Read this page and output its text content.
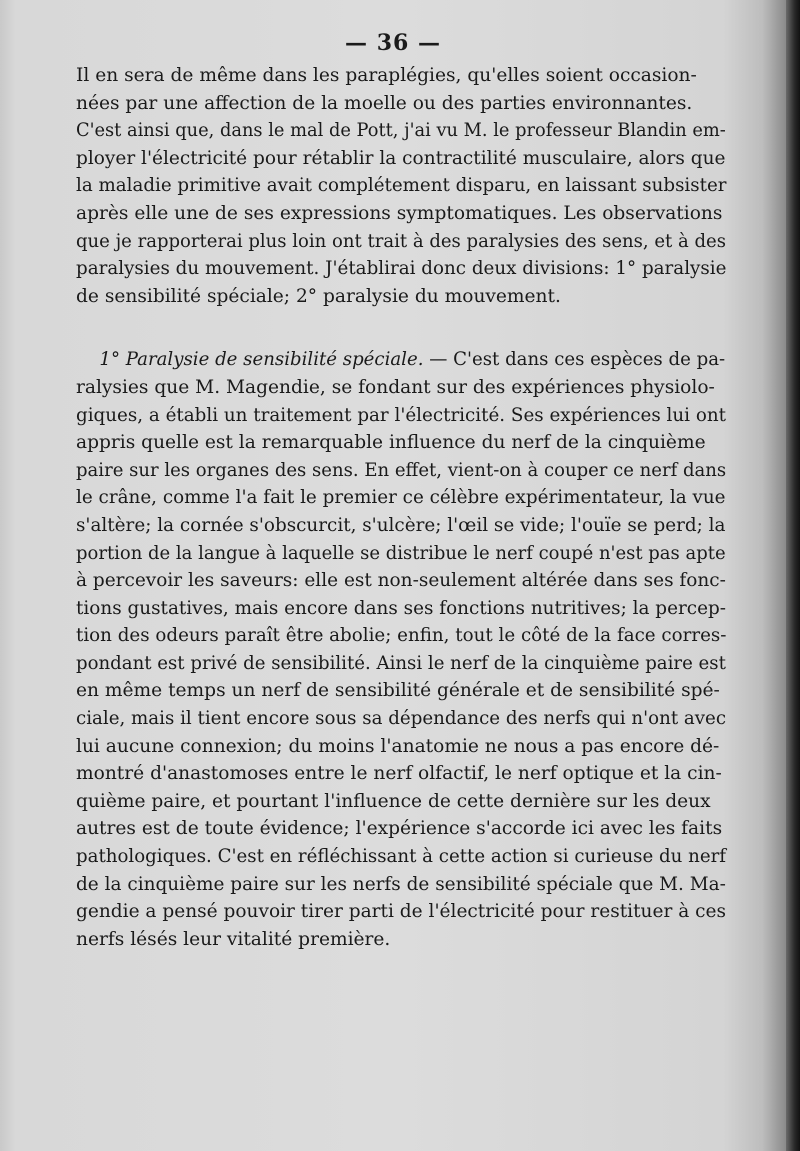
— 36 —
Il en sera de même dans les paraplégies, qu'elles soient occasion-
nées par une affection de la moelle ou des parties environnantes.
C'est ainsi que, dans le mal de Pott, j'ai vu M. le professeur Blandin em-
ployer l'électricité pour rétablir la contractilité musculaire, alors que
la maladie primitive avait complétement disparu, en laissant subsister
après elle une de ses expressions symptomatiques. Les observations
que je rapporterai plus loin ont trait à des paralysies des sens, et à des
paralysies du mouvement. J'établirai donc deux divisions: 1° paralysie
de sensibilité spéciale; 2° paralysie du mouvement.
1° Paralysie de sensibilité spéciale. — C'est dans ces espèces de pa-
ralysies que M. Magendie, se fondant sur des expériences physiolo-
giques, a établi un traitement par l'électricité. Ses expériences lui ont
appris quelle est la remarquable influence du nerf de la cinquième
paire sur les organes des sens. En effet, vient-on à couper ce nerf dans
le crâne, comme l'a fait le premier ce célèbre expérimentateur, la vue
s'altère; la cornée s'obscurcit, s'ulcère; l'œil se vide; l'ouïe se perd; la
portion de la langue à laquelle se distribue le nerf coupé n'est pas apte
à percevoir les saveurs: elle est non-seulement altérée dans ses fonc-
tions gustatives, mais encore dans ses fonctions nutritives; la percep-
tion des odeurs paraît être abolie; enfin, tout le côté de la face corres-
pondant est privé de sensibilité. Ainsi le nerf de la cinquième paire est
en même temps un nerf de sensibilité générale et de sensibilité spé-
ciale, mais il tient encore sous sa dépendance des nerfs qui n'ont avec
lui aucune connexion; du moins l'anatomie ne nous a pas encore dé-
montré d'anastomoses entre le nerf olfactif, le nerf optique et la cin-
quième paire, et pourtant l'influence de cette dernière sur les deux
autres est de toute évidence; l'expérience s'accorde ici avec les faits
pathologiques. C'est en réfléchissant à cette action si curieuse du nerf
de la cinquième paire sur les nerfs de sensibilité spéciale que M. Ma-
gendie a pensé pouvoir tirer parti de l'électricité pour restituer à ces
nerfs lésés leur vitalité première.
